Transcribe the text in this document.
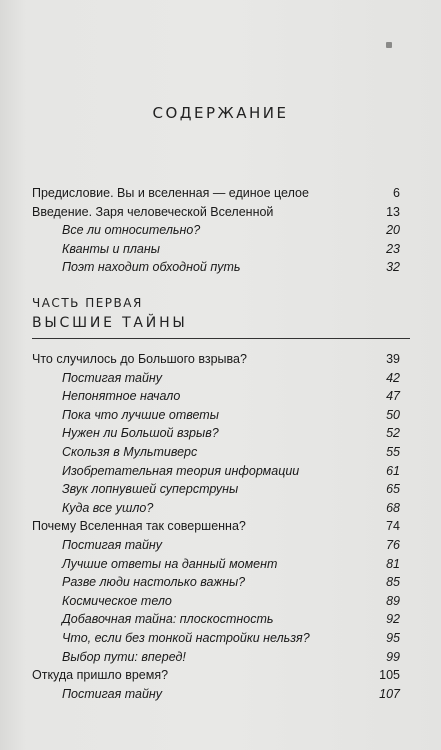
СОДЕРЖАНИЕ
Предисловие. Вы и вселенная — единое целое	6
Введение. Заря человеческой Вселенной	13
Все ли относительно?	20
Кванты и планы	23
Поэт находит обходной путь	32
ЧАСТЬ ПЕРВАЯ
ВЫСШИЕ ТАЙНЫ
Что случилось до Большого взрыва?	39
Постигая тайну	42
Непонятное начало	47
Пока что лучшие ответы	50
Нужен ли Большой взрыв?	52
Скользя в Мультиверс	55
Изобретательная теория информации	61
Звук лопнувшей суперструны	65
Куда все ушло?	68
Почему Вселенная так совершенна?	74
Постигая тайну	76
Лучшие ответы на данный момент	81
Разве люди настолько важны?	85
Космическое тело	89
Добавочная тайна: плоскостность	92
Что, если без тонкой настройки нельзя?	95
Выбор пути: вперед!	99
Откуда пришло время?	105
Постигая тайну	107
